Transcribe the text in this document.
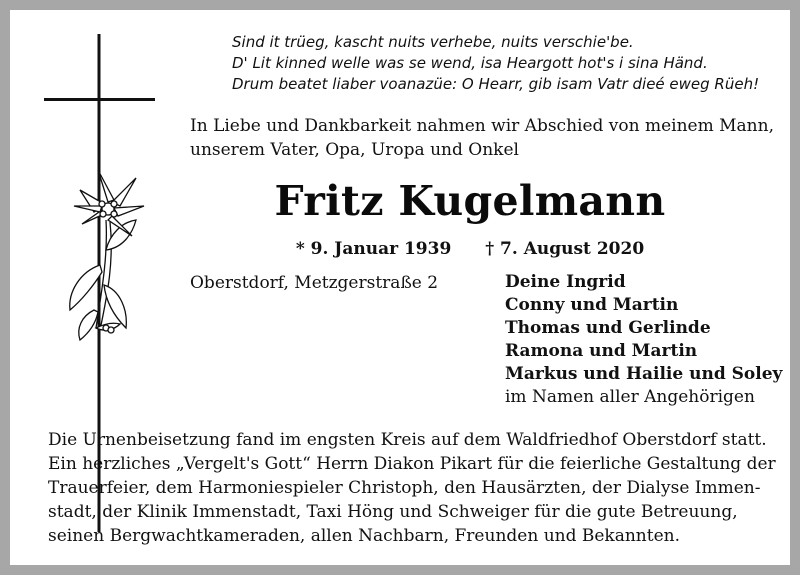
Sind it trüeg, kascht nuits verhebe, nuits verschie'be.
D' Lit kinned welle was se wend, isa Heargott hot's i sina Händ.
Drum beatet liaber voanazüe: O Hearr, gib isam Vatr dieé eweg Rüeh!
In Liebe und Dankbarkeit nahmen wir Abschied von meinem Mann,
unserem Vater, Opa, Uropa und Onkel
Fritz Kugelmann
* 9. Januar 1939 † 7. August 2020
Oberstdorf, Metzgerstraße 2	Deine Ingrid
Conny und Martin
Thomas und Gerlinde
Ramona und Martin
Markus und Hailie und Soley
im Namen aller Angehörigen
Die Urnenbeisetzung fand im engsten Kreis auf dem Waldfriedhof Oberstdorf statt.
Ein herzliches „Vergelt's Gott“ Herrn Diakon Pikart für die feierliche Gestaltung der
Trauerfeier, dem Harmoniespieler Christoph, den Hausärzten, der Dialyse Immen-
stadt, der Klinik Immenstadt, Taxi Höng und Schweiger für die gute Betreuung,
seinen Bergwachtkameraden, allen Nachbarn, Freunden und Bekannten.
